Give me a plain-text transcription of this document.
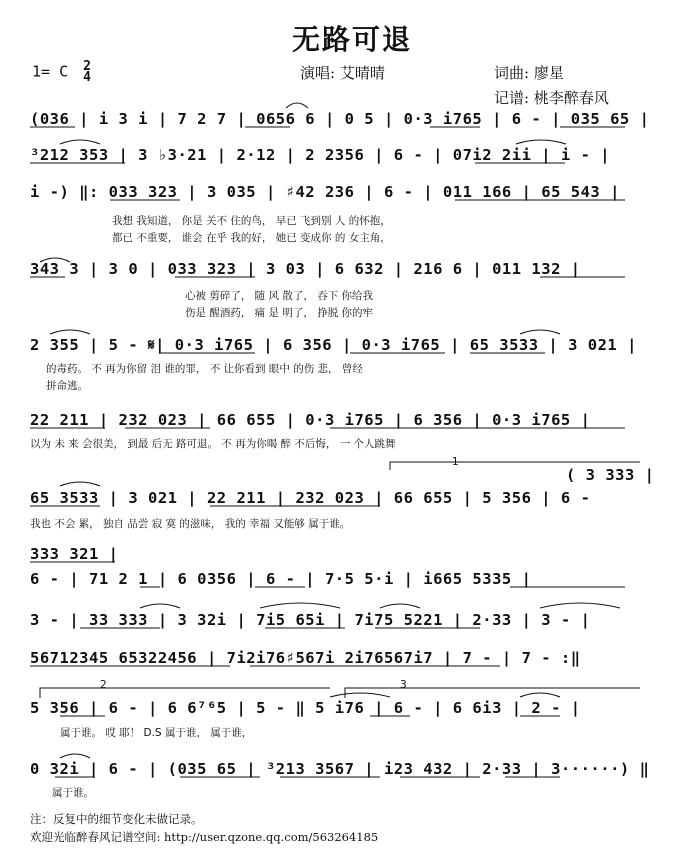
无路可退
1= C 2
4	演唱: 艾晴晴	词曲: 廖星
记谱: 桃李醉春风
(036 | i 3 i | 7 2 7 | 0656 6 | 0 5 | 0·3 i765 | 6 - | 035 65 |
³212 353 | 3 ♭3·21 | 2·12 | 2 2356 | 6 - | 07i2 2ii | i - |
i -) ‖: 033 323 | 3 035 | ♯42 236 | 6 - | 011 166 | 65 543 |
我想 我知道， 你是 关不 住的鸟， 早已 飞到别 人 的怀抱，
都已 不重要， 谁会 在乎 我的好， 她已 变成你 的 女主角，
343 3 | 3 0 | 033 323 | 3 03 | 6 632 | 216 6 | 011 132 |
心被 剪碎了， 随 风 散了， 吞下 你给我
伤是 醒酒药， 痛 是 明了， 挣脱 你的牢
2 355 | 5 - 𝄋| 0·3 i765 | 6 356 | 0·3 i765 | 65 3533 | 3 021 |
的毒药。 不 再为你留 泪 谁的罪， 不 让你看到 眼中 的伤 悲， 曾经
拼命逃。
22 211 | 232 023 | 66 655 | 0·3 i765 | 6 356 | 0·3 i765 |
以为 未 来 会很美， 到最 后无 路可退。 不 再为你喝 醉 不后悔， 一 个人跳舞
1
( 3 333 |
65 3533 | 3 021 | 22 211 | 232 023 | 66 655 | 5 356 | 6 -
我也 不会 累， 独自 品尝 寂 寞 的滋味， 我的 幸福 又能够 属于谁。
333 321 |
6 - | 71 2 1 | 6 0356 | 6 - | 7·5 5·i | i665 5335 |
3 - | 33 333 | 3 32i | 7i5 65i | 7i75 5221 | 2·33 | 3 - |
56712345 65322456 | 7i2i76♯567i 2i76567i7 | 7 - | 7 - :‖
2	3
5 356 | 6 - | 6 6⁷⁶5 | 5 - ‖ 5 i76 | 6 - | 6 6i3 | 2 - |
属于谁。 哎 耶！ D.S 属于谁， 属于谁，
0 32i | 6 - | (035 65 | ³213 3567 | i23 432 | 2·33 | 3······) ‖
属于谁。
注：反复中的细节变化未做记录。
欢迎光临醉春风记谱空间: http://user.qzone.qq.com/563264185
